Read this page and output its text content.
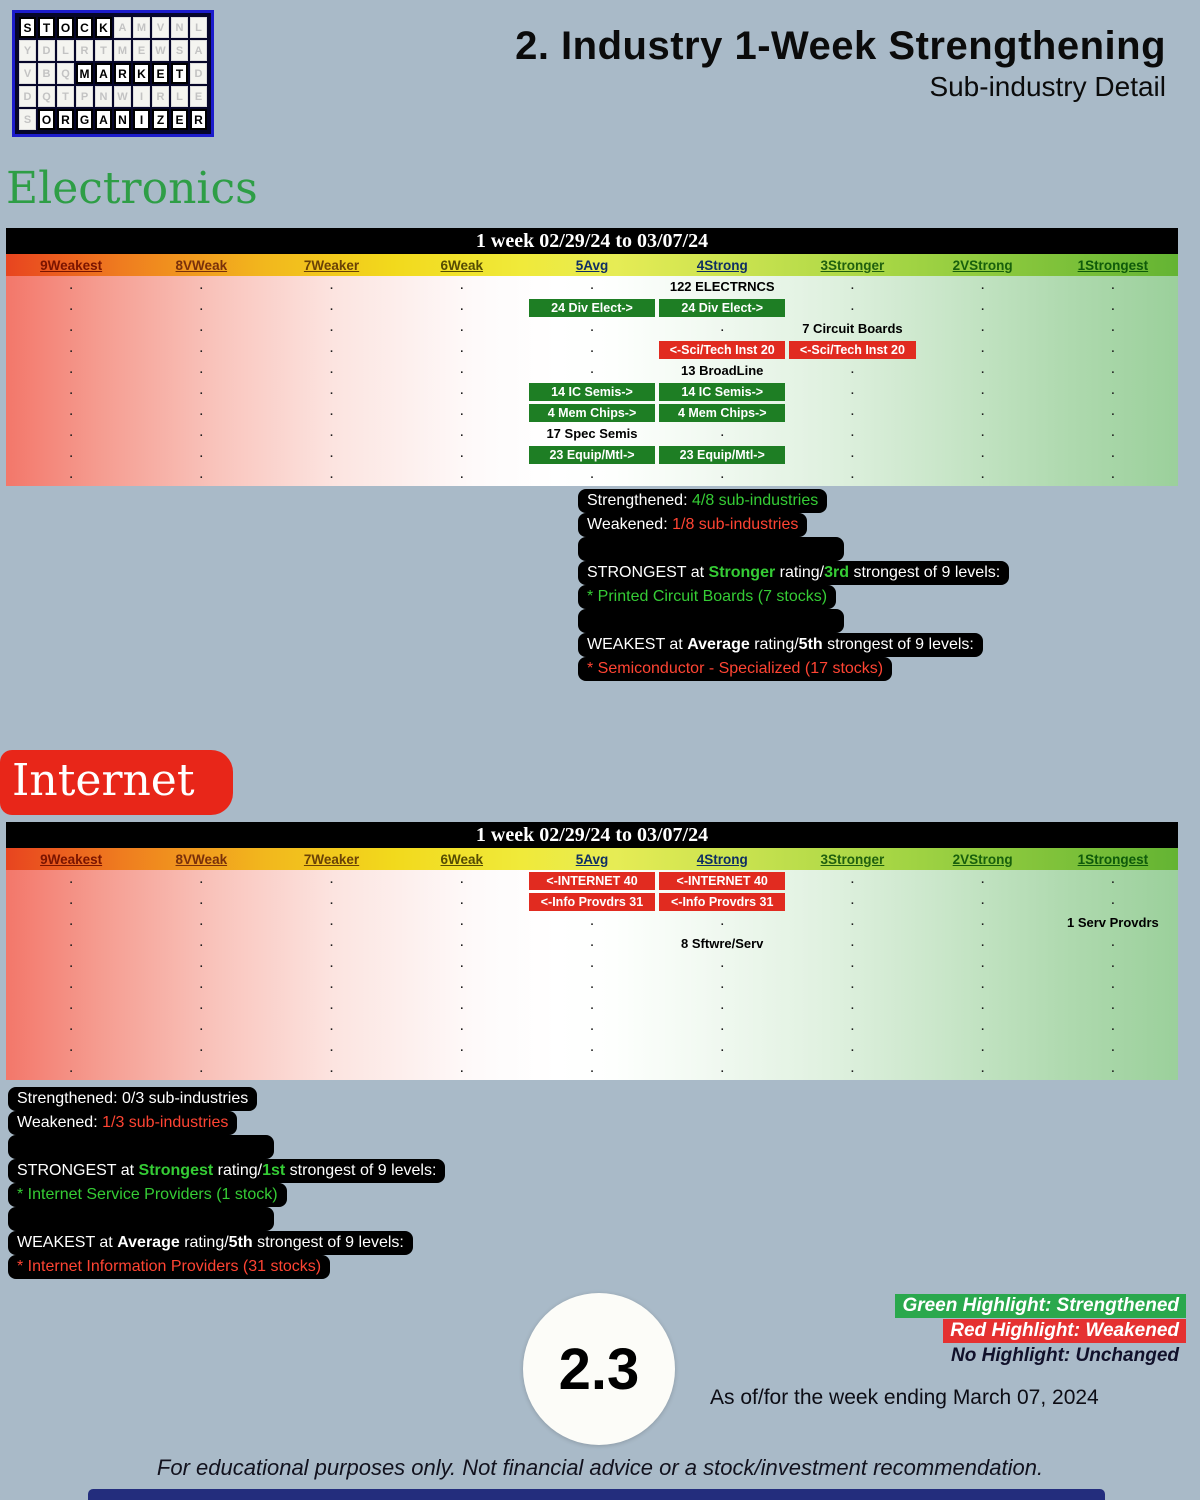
S T O C K A M V	N	L
Y	D	L	R	T	M E W S	A
V	B Q M A R K E T	D
D Q	T	P	N W	I	R	L	E
S O R G A N	I	Z E R
2. Industry 1-Week Strengthening
Sub-industry Detail
Electronics
1 week 02/29/24 to 03/07/24
9Weakest	8VWeak	7Weaker	6Weak	5Avg	4Strong	3Stronger	2VStrong	1Strongest
.	.	.	.	.	122 ELECTRNCS	.	.	.
.	.	.	.	24 Div Elect->	24 Div Elect->	.	.	.
.	.	.	.	.	.	7 Circuit Boards	.	.
.	.	.	.	.	<-Sci/Tech Inst 20	<-Sci/Tech Inst 20	.	.
.	.	.	.	.	13 BroadLine	.	.	.
.	.	.	.	14 IC Semis->	14 IC Semis->	.	.	.
.	.	.	.	4 Mem Chips->	4 Mem Chips->	.	.	.
.	.	.	.	17 Spec Semis	.	.	.	.
.	.	.	.	23 Equip/Mtl->	23 Equip/Mtl->	.	.	.
.	.	.	.	.	.	.	.	.
Strengthened: 4/8 sub-industries
Weakened: 1/8 sub-industries
STRONGEST at Stronger rating/3rd strongest of 9 levels:
* Printed Circuit Boards (7 stocks)
WEAKEST at Average rating/5th strongest of 9 levels:
* Semiconductor - Specialized (17 stocks)
Internet
1 week 02/29/24 to 03/07/24
9Weakest	8VWeak	7Weaker	6Weak	5Avg	4Strong	3Stronger	2VStrong	1Strongest
.	.	.	.	<-INTERNET 40	<-INTERNET 40	.	.	.
.	.	.	.	<-Info Provdrs 31	<-Info Provdrs 31	.	.	.
.	.	.	.	.	.	.	.	1 Serv Provdrs
.	.	.	.	.	8 Sftwre/Serv	.	.	.
.	.	.	.	.	.	.	.	.
.	.	.	.	.	.	.	.	.
.	.	.	.	.	.	.	.	.
.	.	.	.	.	.	.	.	.
.	.	.	.	.	.	.	.	.
.	.	.	.	.	.	.	.	.
Strengthened: 0/3 sub-industries
Weakened: 1/3 sub-industries
STRONGEST at Strongest rating/1st strongest of 9 levels:
* Internet Service Providers (1 stock)
WEAKEST at Average rating/5th strongest of 9 levels:
* Internet Information Providers (31 stocks)
Green Highlight: Strengthened
Red Highlight: Weakened
No Highlight: Unchanged
2.3	As of/for the week ending March 07, 2024
For educational purposes only. Not financial advice or a stock/investment recommendation.
